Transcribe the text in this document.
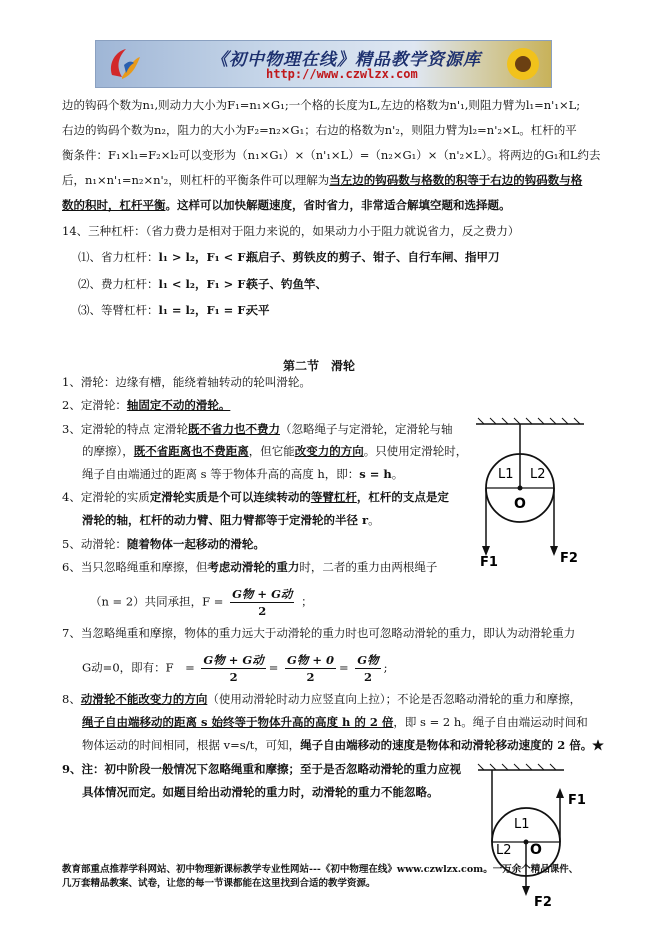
《初中物理在线》精品教学资源库
http://www.czwlzx.com
边的钩码个数为n₁,则动力大小为F₁=n₁×G₁;一个格的长度为L,左边的格数为n'₁,则阻力臂为l₁=n'₁×L;
右边的钩码个数为n₂，阻力的大小为F₂=n₂×G₁；右边的格数为n'₂，则阻力臂为l₂=n'₂×L。杠杆的平
衡条件：F₁×l₁=F₂×l₂可以变形为（n₁×G₁）×（n'₁×L）=（n₂×G₁）×（n'₂×L）。将两边的G₁和L约去
后，n₁×n'₁=n₂×n'₂，则杠杆的平衡条件可以理解为当左边的钩码数与格数的积等于右边的钩码数与格
数的积时，杠杆平衡。这样可以加快解题速度，省时省力，非常适合解填空题和选择题。
14、三种杠杆：（省力费力是相对于阻力来说的，如果动力小于阻力就说省力，反之费力）
⑴、省力杠杆：l₁ > l₂，F₁ < F₂瓶启子、剪铁皮的剪子、钳子、自行车闸、指甲刀
⑵、费力杠杆：l₁ < l₂，F₁ > F₂筷子、钓鱼竿、
⑶、等臂杠杆：l₁ = l₂，F₁ = F₂天平
第二节　滑轮
1、滑轮：边缘有槽，能绕着轴转动的轮叫滑轮。
2、定滑轮：轴固定不动的滑轮。
3、定滑轮的特点 定滑轮既不省力也不费力（忽略绳子与定滑轮，定滑轮与轴
的摩擦），既不省距离也不费距离，但它能改变力的方向。只使用定滑轮时，
绳子自由端通过的距离 s 等于物体升高的高度 h，即：s = h。
4、定滑轮的实质定滑轮实质是个可以连续转动的等臂杠杆，杠杆的支点是定
滑轮的轴，杠杆的动力臂、阻力臂都等于定滑轮的半径 r。
5、动滑轮：随着物体一起移动的滑轮。
6、当只忽略绳重和摩擦，但考虑动滑轮的重力时，二者的重力由两根绳子
（n = 2）共同承担，$F = \frac{\text{G物 + G动}}{2}$ ；
7、当忽略绳重和摩擦，物体的重力远大于动滑轮的重力时也可忽略动滑轮的重力，即认为动滑轮重力
G动=0，即有：F　= $\frac{\text{G物 + G动}}{2} = \frac{\text{G物 + 0}}{2} = \frac{\text{G物}}{2}$ ;
8、动滑轮不能改变力的方向（使用动滑轮时动力应竖直向上拉）；不论是否忽略动滑轮的重力和摩擦，
绳子自由端移动的距离 s 始终等于物体升高的高度 h 的 2 倍，即 s = 2 h。绳子自由端运动时间和
物体运动的时间相同，根据 v=s/t，可知，绳子自由端移动的速度是物体和动滑轮移动速度的 2 倍。★
9、注：初中阶段一般情况下忽略绳重和摩擦；至于是否忽略动滑轮的重力应视
具体情况而定。如题目给出动滑轮的重力时，动滑轮的重力不能忽略。
L1 L2
O
F1	F2
F1
L1
L2 O
F2
教育部重点推荐学科网站、初中物理新课标教学专业性网站---《初中物理在线》www.czwlzx.com。一万余个精品课件、
几万套精品教案、试卷，让您的每一节课都能在这里找到合适的教学资源。
